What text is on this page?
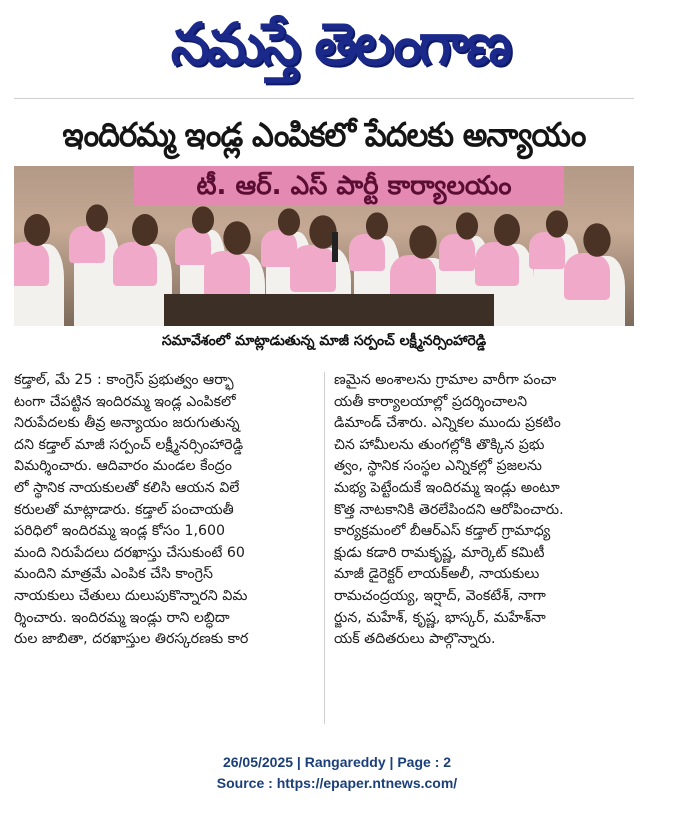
నమస్తే తెలంగాణ
ఇందిరమ్మ ఇండ్ల ఎంపికలో పేదలకు అన్యాయం
టీ. ఆర్. ఎస్ పార్టీ కార్యాలయం
సమావేశంలో మాట్లాడుతున్న మాజీ సర్పంచ్ లక్ష్మీనర్సింహారెడ్డి
కడ్తాల్, మే 25 : కాంగ్రెస్ ప్రభుత్వం ఆర్భా
టంగా చేపట్టిన ఇందిరమ్మ ఇండ్ల ఎంపికలో
నిరుపేదలకు తీవ్ర అన్యాయం జరుగుతున్న
దని కడ్తాల్ మాజీ సర్పంచ్ లక్ష్మీనర్సింహారెడ్డి
విమర్శించారు. ఆదివారం మండల కేంద్రం
లో స్థానిక నాయకులతో కలిసి ఆయన విలే
కరులతో మాట్లాడారు. కడ్తాల్ పంచాయతీ
పరిధిలో ఇందిరమ్మ ఇండ్ల కోసం 1,600
మంది నిరుపేదలు దరఖాస్తు చేసుకుంటే 60
మందిని మాత్రమే ఎంపిక చేసి కాంగ్రెస్
నాయకులు చేతులు దులుపుకొన్నారని విమ
ర్శించారు. ఇందిరమ్మ ఇండ్లు రాని లబ్ధిదా
రుల జాబితా, దరఖాస్తుల తిరస్కరణకు కార
ణమైన అంశాలను గ్రామాల వారీగా పంచా
యతీ కార్యాలయాల్లో ప్రదర్శించాలని
డిమాండ్ చేశారు. ఎన్నికల ముందు ప్రకటిం
చిన హామీలను తుంగల్లోకి తొక్కిన ప్రభు
త్వం, స్థానిక సంస్థల ఎన్నికల్లో ప్రజలను
మభ్య పెట్టేందుకే ఇందిరమ్మ ఇండ్లు అంటూ
కొత్త నాటకానికి తెరలేపిందని ఆరోపించారు.
కార్యక్రమంలో బీఆర్ఎస్ కడ్తాల్ గ్రామాధ్య
క్షుడు కడారి రామకృష్ణ, మార్కెట్ కమిటీ
మాజీ డైరెక్టర్ లాయక్అలీ, నాయకులు
రామచంద్రయ్య, ఇర్షాద్, వెంకటేశ్, నాగా
ర్జున, మహేశ్, కృష్ణ, భాస్కర్, మహేశ్‌నా
యక్ తదితరులు పాల్గొన్నారు.
26/05/2025 | Rangareddy | Page : 2
Source : https://epaper.ntnews.com/
